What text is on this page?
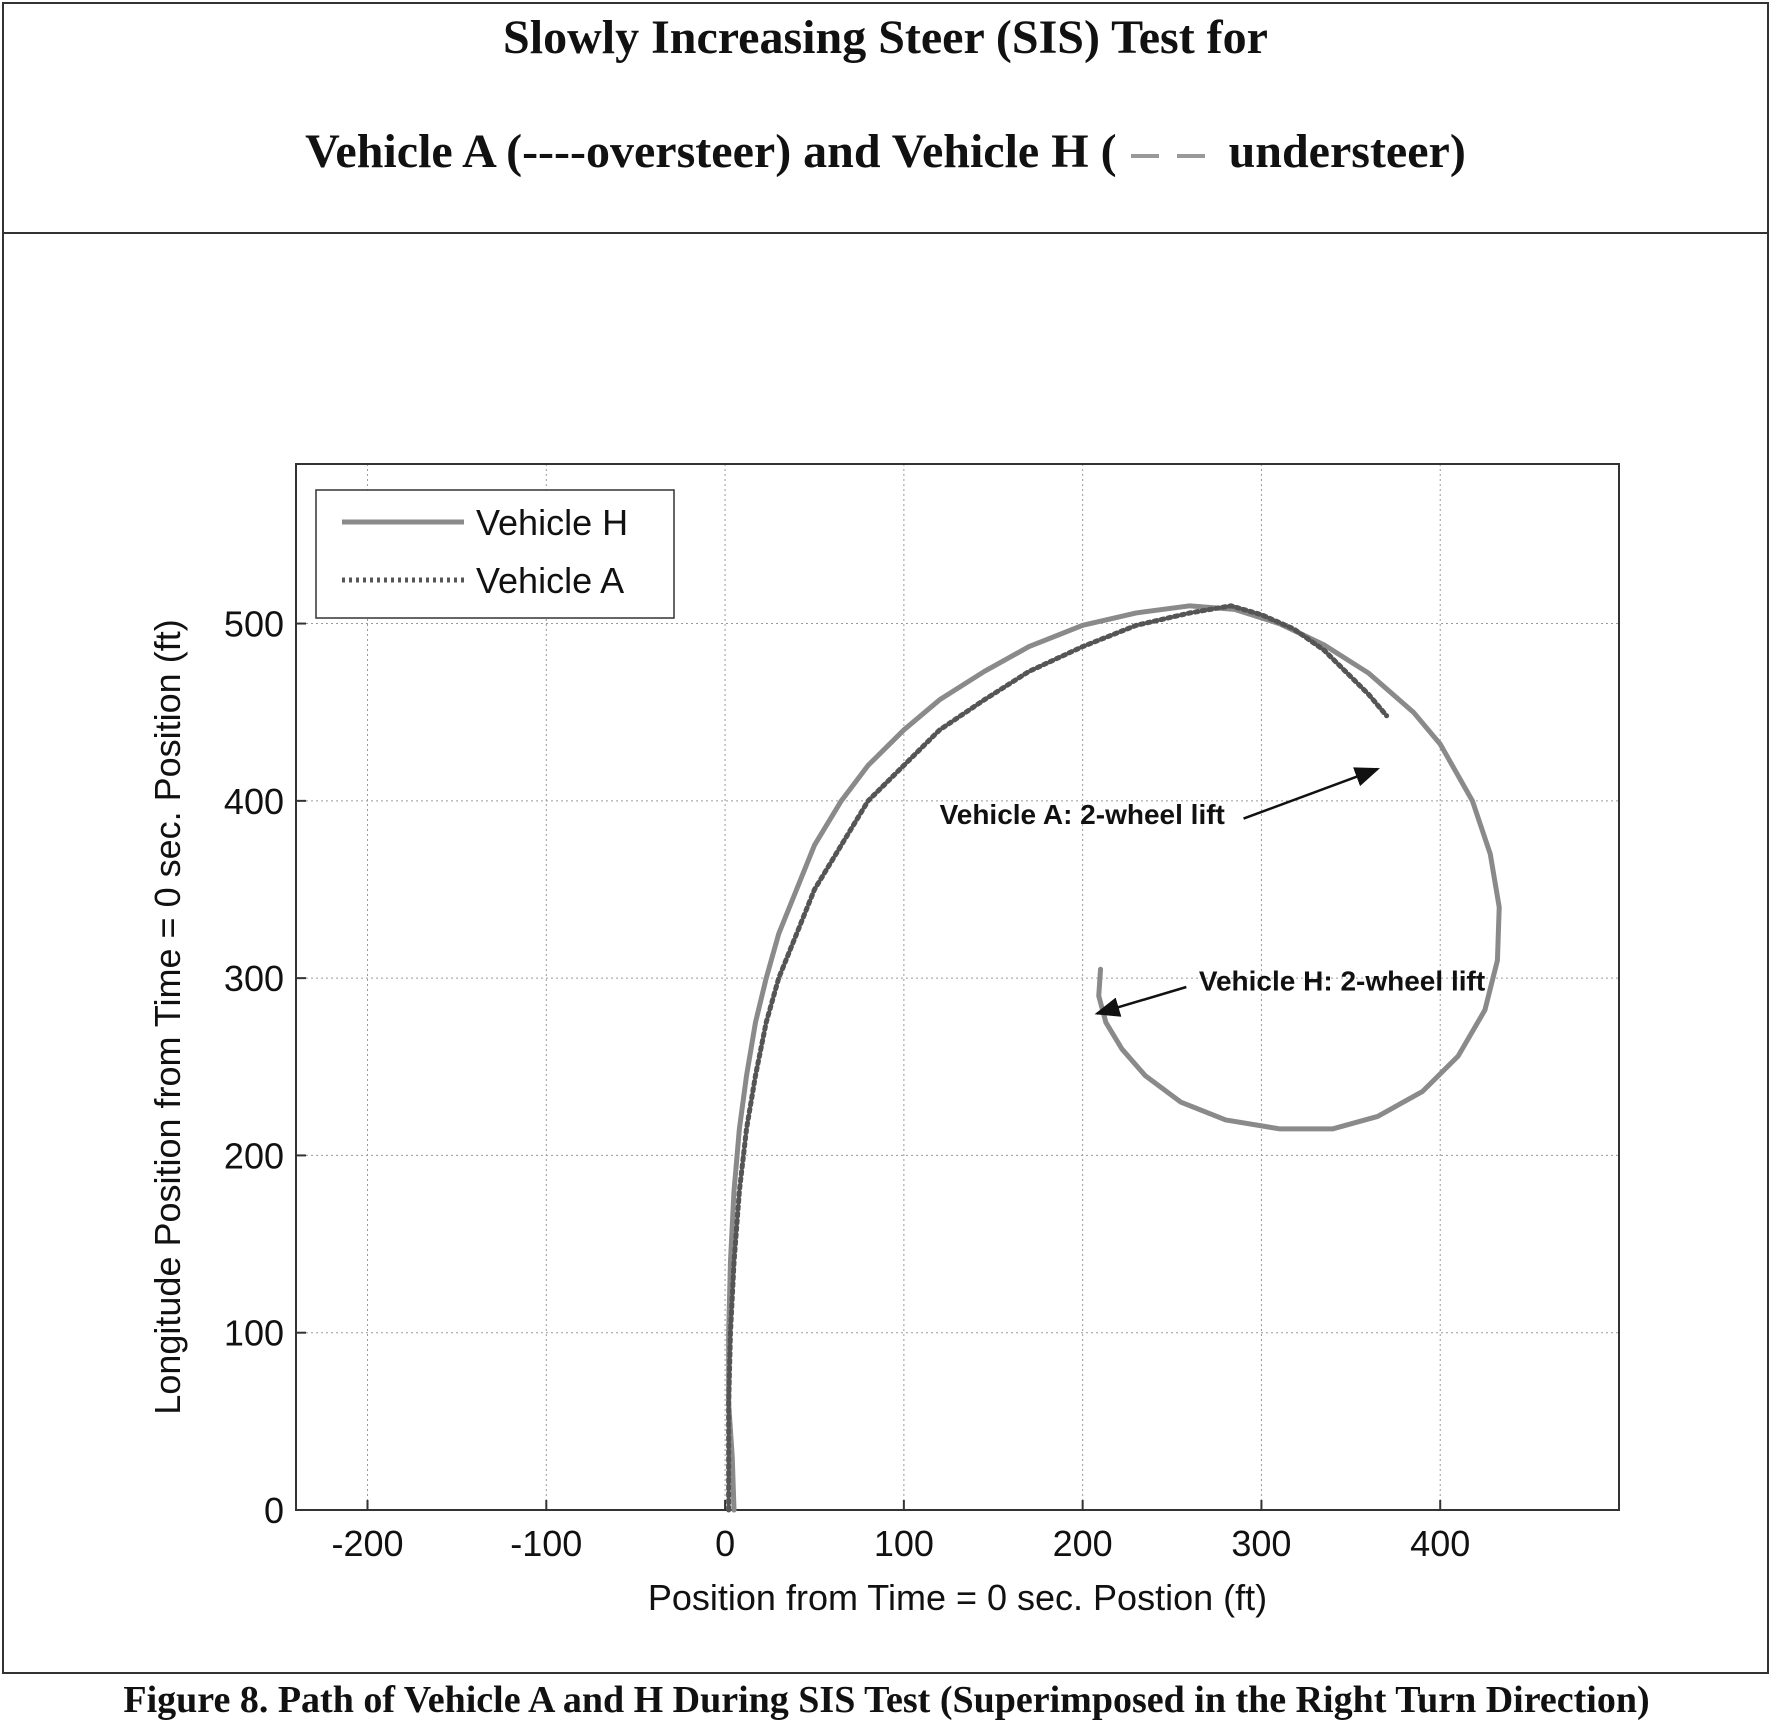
Slowly Increasing Steer (SIS) Test for
Vehicle A (----oversteer) and Vehicle H ( understeer)
-200	-100	0	100	200	300	400
0
100
200
300
400
500
Vehicle A: 2-wheel lift
Vehicle H: 2-wheel lift
Position from Time = 0 sec. Postion (ft)
Longitude Position from Time = 0 sec. Position (ft)
Vehicle H
Vehicle A
Figure 8. Path of Vehicle A and H During SIS Test (Superimposed in the Right Turn Direction)
